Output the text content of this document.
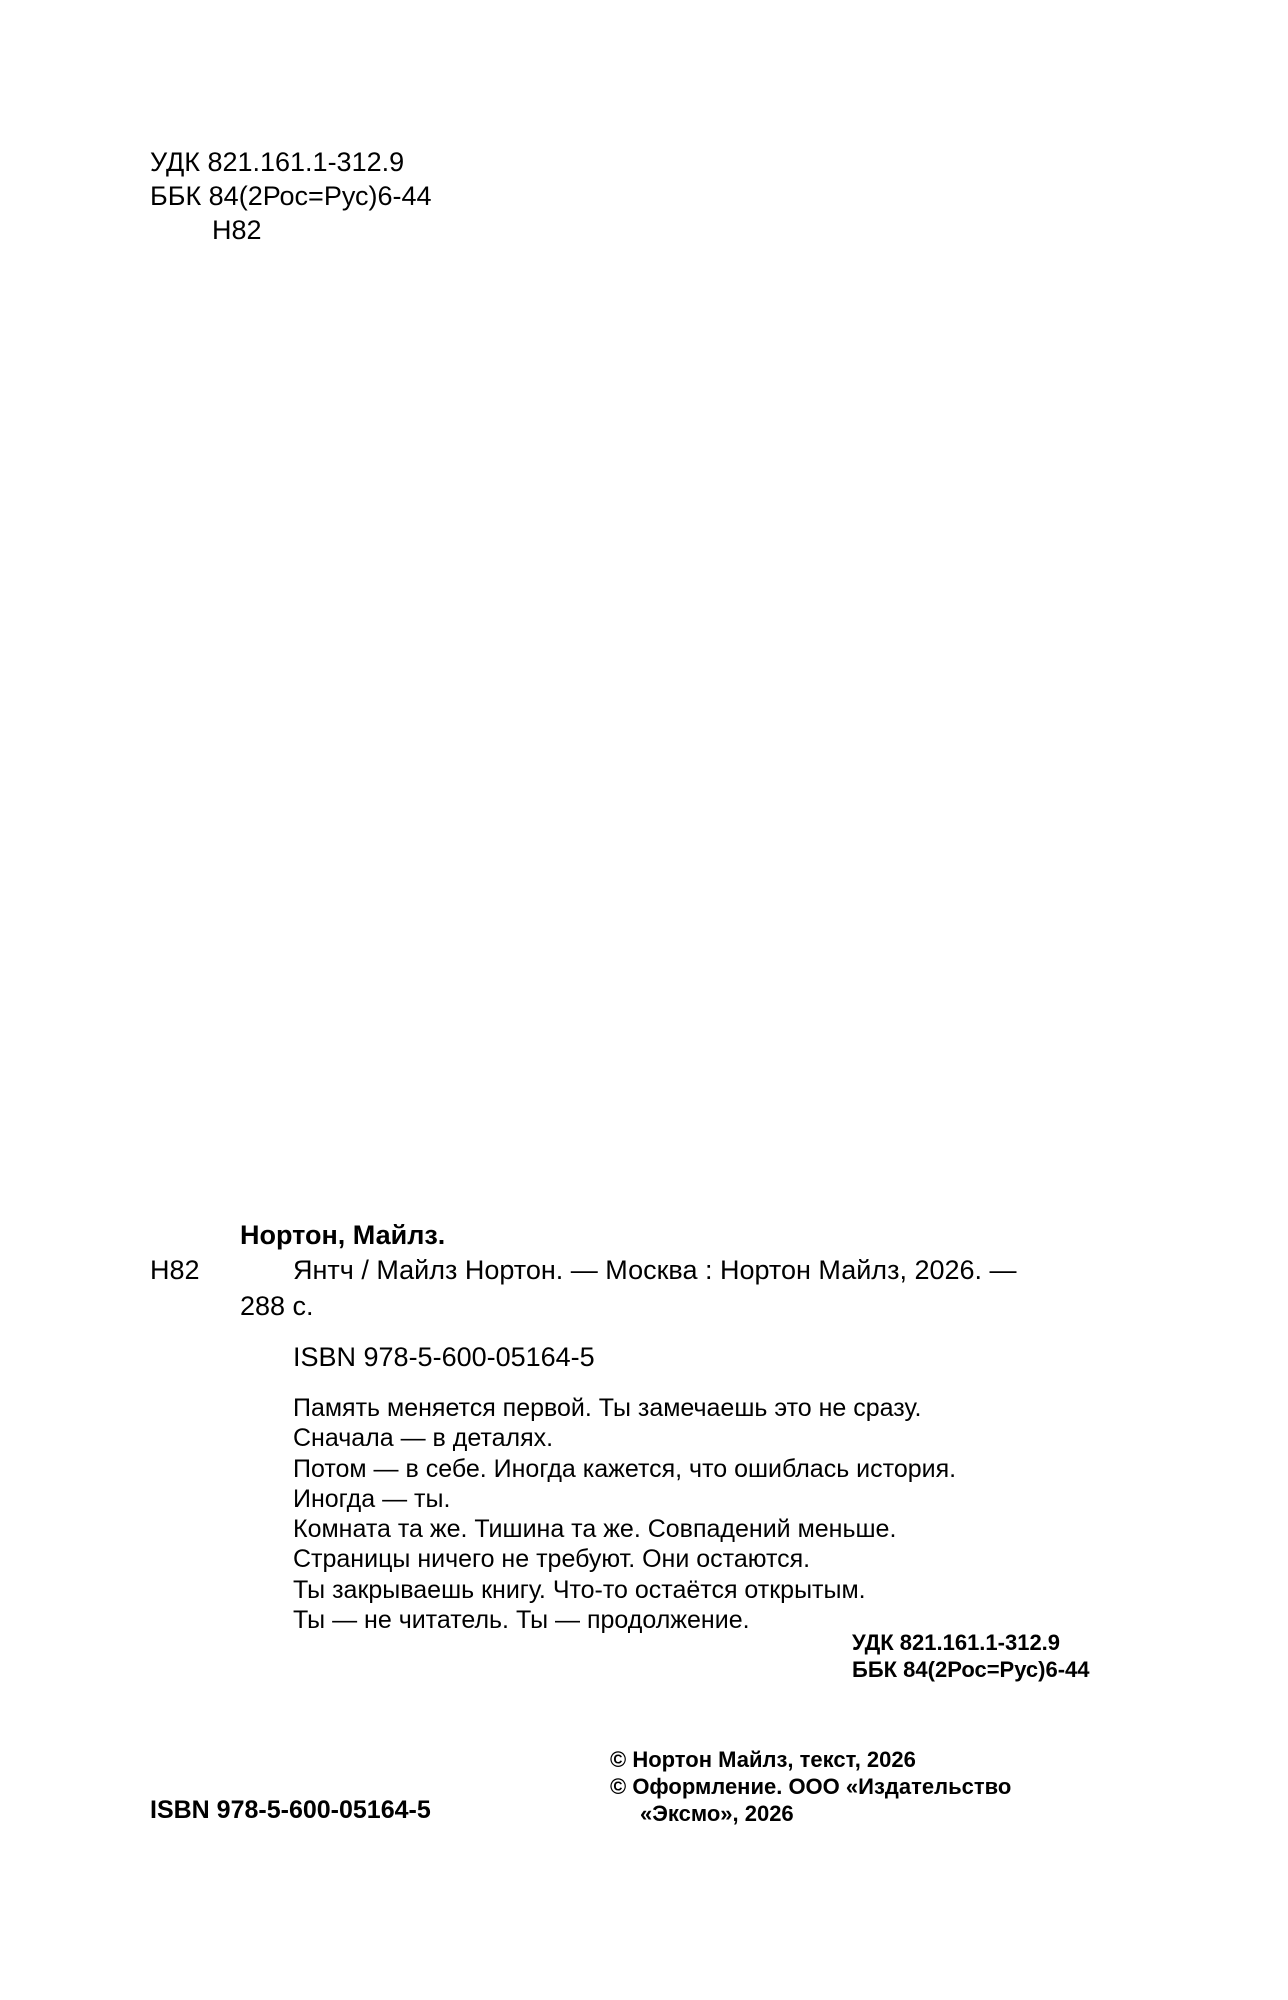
УДК 821.161.1-312.9
ББК 84(2Рос=Рус)6-44
Н82
Нортон, Майлз.
Н82	Янтч / Майлз Нортон. — Москва : Нортон Майлз, 2026. —
288 с.
ISBN 978-5-600-05164-5
Память меняется первой. Ты замечаешь это не сразу.
Сначала — в деталях.
Потом — в себе. Иногда кажется, что ошиблась история.
Иногда — ты.
Комната та же. Тишина та же. Совпадений меньше.
Страницы ничего не требуют. Они остаются.
Ты закрываешь книгу. Что-то остаётся открытым.
Ты — не читатель. Ты — продолжение.
УДК 821.161.1-312.9
ББК 84(2Рос=Рус)6-44
© Нортон Майлз, текст, 2026
© Оформление. ООО «Издательство
«Эксмо», 2026
ISBN 978-5-600-05164-5
